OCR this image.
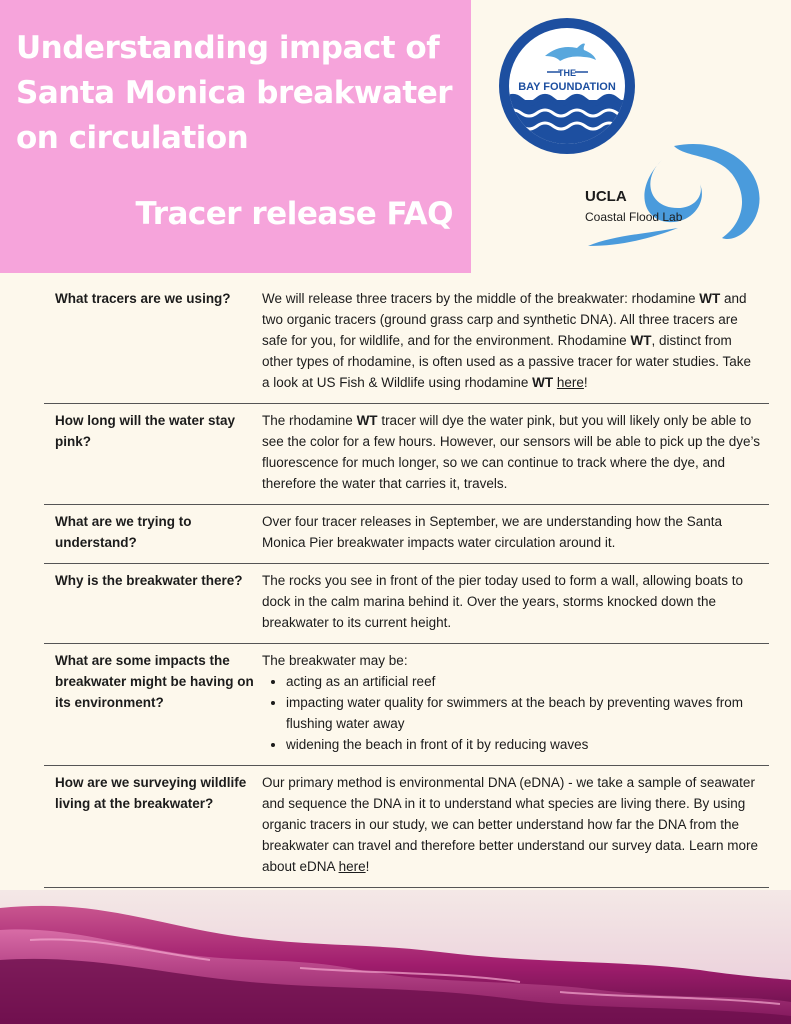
Understanding impact of Santa Monica breakwater on circulation
Tracer release FAQ
THE
BAY FOUNDATION
UCLA
Coastal Flood Lab
What tracers are we using?	We will release three tracers by the middle of the breakwater: rhodamine WT and two organic tracers (ground grass carp and synthetic DNA). All three tracers are safe for you, for wildlife, and for the environment. Rhodamine WT, distinct from other types of rhodamine, is often used as a passive tracer for water studies. Take a look at US Fish & Wildlife using rhodamine WT here!
How long will the water stay pink?
The rhodamine WT tracer will dye the water pink, but you will likely only be able to see the color for a few hours. However, our sensors will be able to pick up the dye’s fluorescence for much longer, so we can continue to track where the dye, and therefore the water that carries it, travels.
What are we trying to understand?
Over four tracer releases in September, we are understanding how the Santa Monica Pier breakwater impacts water circulation around it.
Why is the breakwater there?	The rocks you see in front of the pier today used to form a wall, allowing boats to dock in the calm marina behind it. Over the years, storms knocked down the breakwater to its current height.
What are some impacts the breakwater might be having on its environment?
The breakwater may be:
• acting as an artificial reef
• impacting water quality for swimmers at the beach by preventing waves from flushing water away
• widening the beach in front of it by reducing waves
How are we surveying wildlife living at the breakwater?
Our primary method is environmental DNA (eDNA) - we take a sample of seawater and sequence the DNA in it to understand what species are living there. By using organic tracers in our study, we can better understand how far the DNA from the breakwater can travel and therefore better understand our survey data. Learn more about eDNA here!
